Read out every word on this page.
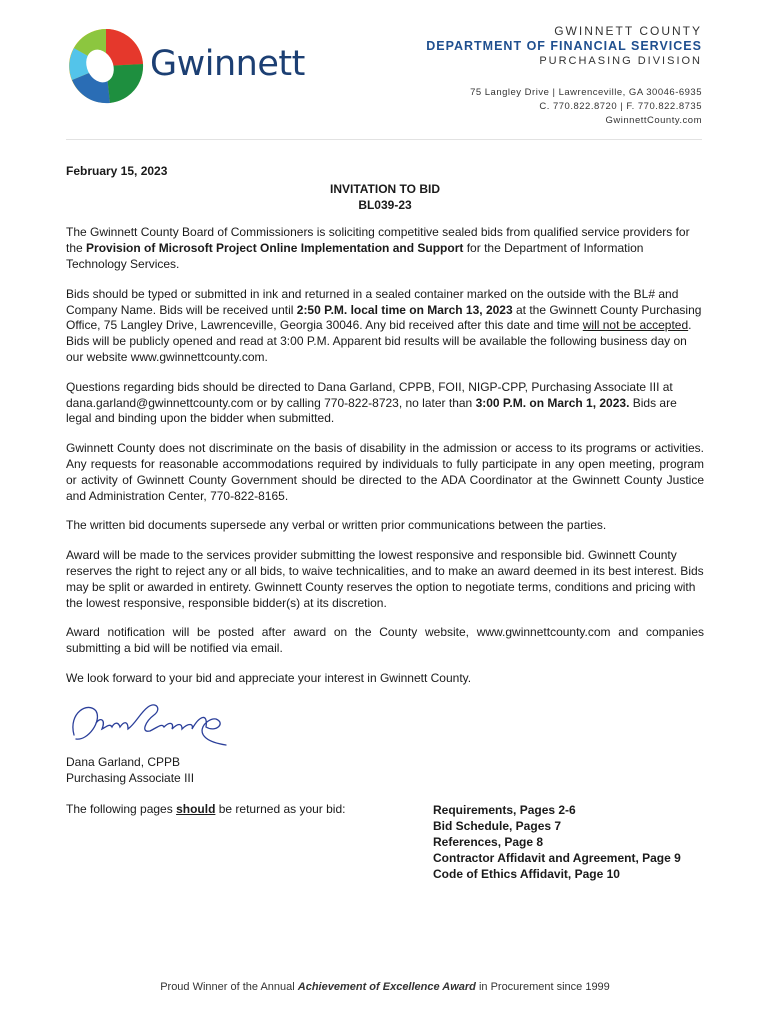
Gwinnett
GWINNETT COUNTY
DEPARTMENT OF FINANCIAL SERVICES
PURCHASING DIVISION
75 Langley Drive | Lawrenceville, GA 30046-6935
C. 770.822.8720 | F. 770.822.8735
GwinnettCounty.com
February 15, 2023
INVITATION TO BID
BL039-23

The Gwinnett County Board of Commissioners is soliciting competitive sealed bids from qualified service providers for the Provision of Microsoft Project Online Implementation and Support for the Department of Information Technology Services.

Bids should be typed or submitted in ink and returned in a sealed container marked on the outside with the BL# and Company Name. Bids will be received until 2:50 P.M. local time on March 13, 2023 at the Gwinnett County Purchasing Office, 75 Langley Drive, Lawrenceville, Georgia 30046. Any bid received after this date and time will not be accepted. Bids will be publicly opened and read at 3:00 P.M. Apparent bid results will be available the following business day on our website www.gwinnettcounty.com.

Questions regarding bids should be directed to Dana Garland, CPPB, FOII, NIGP-CPP, Purchasing Associate III at dana.garland@gwinnettcounty.com or by calling 770-822-8723, no later than 3:00 P.M. on March 1, 2023. Bids are legal and binding upon the bidder when submitted.

Gwinnett County does not discriminate on the basis of disability in the admission or access to its programs or activities. Any requests for reasonable accommodations required by individuals to fully participate in any open meeting, program or activity of Gwinnett County Government should be directed to the ADA Coordinator at the Gwinnett County Justice and Administration Center, 770-822-8165.

The written bid documents supersede any verbal or written prior communications between the parties.

Award will be made to the services provider submitting the lowest responsive and responsible bid. Gwinnett County reserves the right to reject any or all bids, to waive technicalities, and to make an award deemed in its best interest. Bids may be split or awarded in entirety. Gwinnett County reserves the option to negotiate terms, conditions and pricing with the lowest responsive, responsible bidder(s) at its discretion.

Award notification will be posted after award on the County website, www.gwinnettcounty.com and companies submitting a bid will be notified via email.

We look forward to your bid and appreciate your interest in Gwinnett County.

Dana Garland, CPPB
Purchasing Associate III
The following pages should be returned as your bid:	Requirements, Pages 2-6
Bid Schedule, Pages 7
References, Page 8
Contractor Affidavit and Agreement, Page 9
Code of Ethics Affidavit, Page 10
Proud Winner of the Annual Achievement of Excellence Award in Procurement since 1999
